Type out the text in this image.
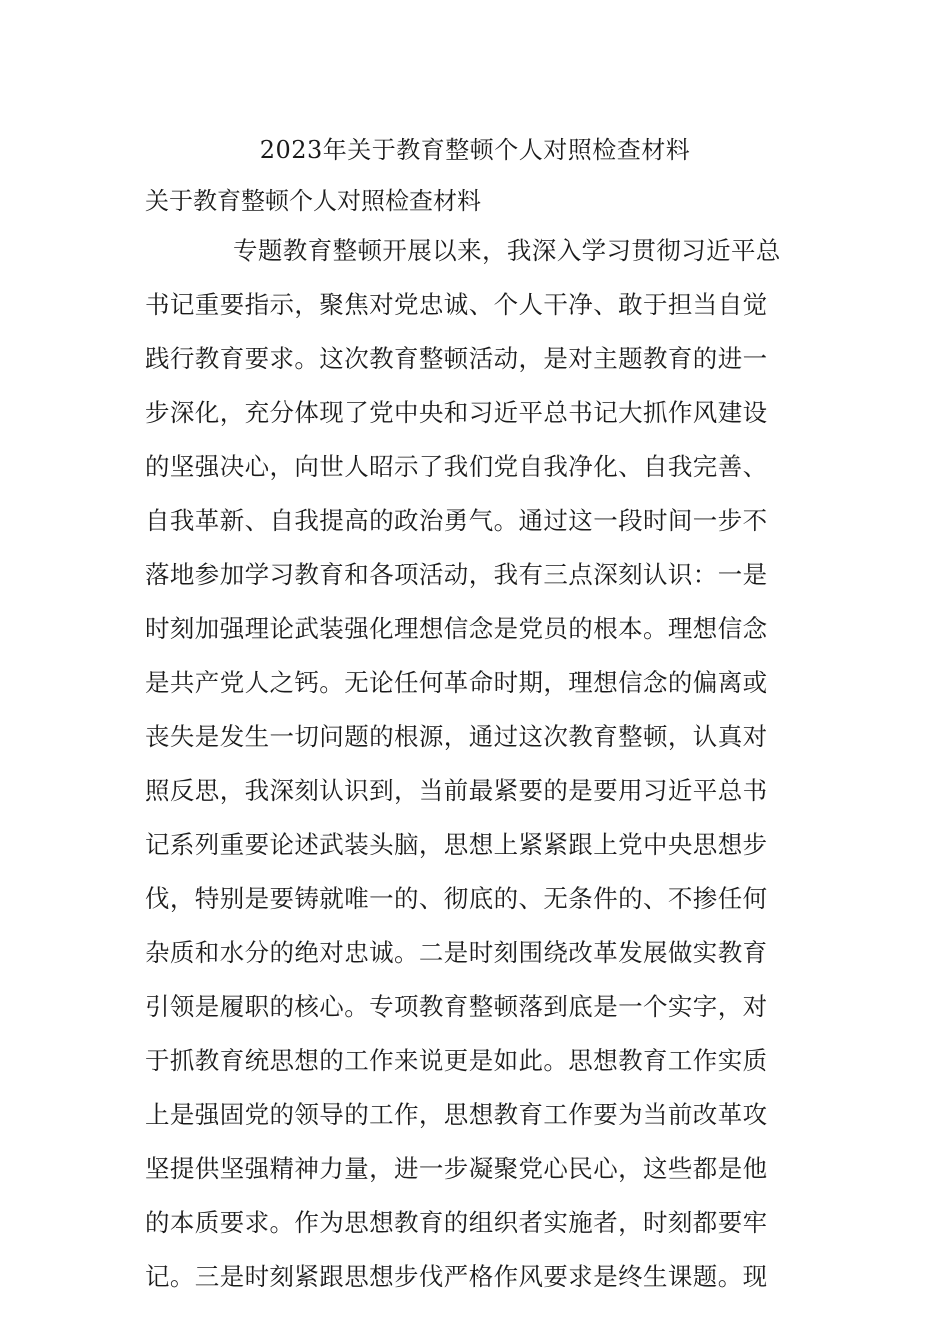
2023年关于教育整顿个人对照检查材料
关于教育整顿个人对照检查材料
专题教育整顿开展以来，我深入学习贯彻习近平总
书记重要指示，聚焦对党忠诚、个人干净、敢于担当自觉
践行教育要求。这次教育整顿活动，是对主题教育的进一
步深化，充分体现了党中央和习近平总书记大抓作风建设
的坚强决心，向世人昭示了我们党自我净化、自我完善、
自我革新、自我提高的政治勇气。通过这一段时间一步不
落地参加学习教育和各项活动，我有三点深刻认识：一是
时刻加强理论武装强化理想信念是党员的根本。理想信念
是共产党人之钙。无论任何革命时期，理想信念的偏离或
丧失是发生一切问题的根源，通过这次教育整顿，认真对
照反思，我深刻认识到，当前最紧要的是要用习近平总书
记系列重要论述武装头脑，思想上紧紧跟上党中央思想步
伐，特别是要铸就唯一的、彻底的、无条件的、不掺任何
杂质和水分的绝对忠诚。二是时刻围绕改革发展做实教育
引领是履职的核心。专项教育整顿落到底是一个实字，对
于抓教育统思想的工作来说更是如此。思想教育工作实质
上是强固党的领导的工作，思想教育工作要为当前改革攻
坚提供坚强精神力量，进一步凝聚党心民心，这些都是他
的本质要求。作为思想教育的组织者实施者，时刻都要牢
记。三是时刻紧跟思想步伐严格作风要求是终生课题。现
